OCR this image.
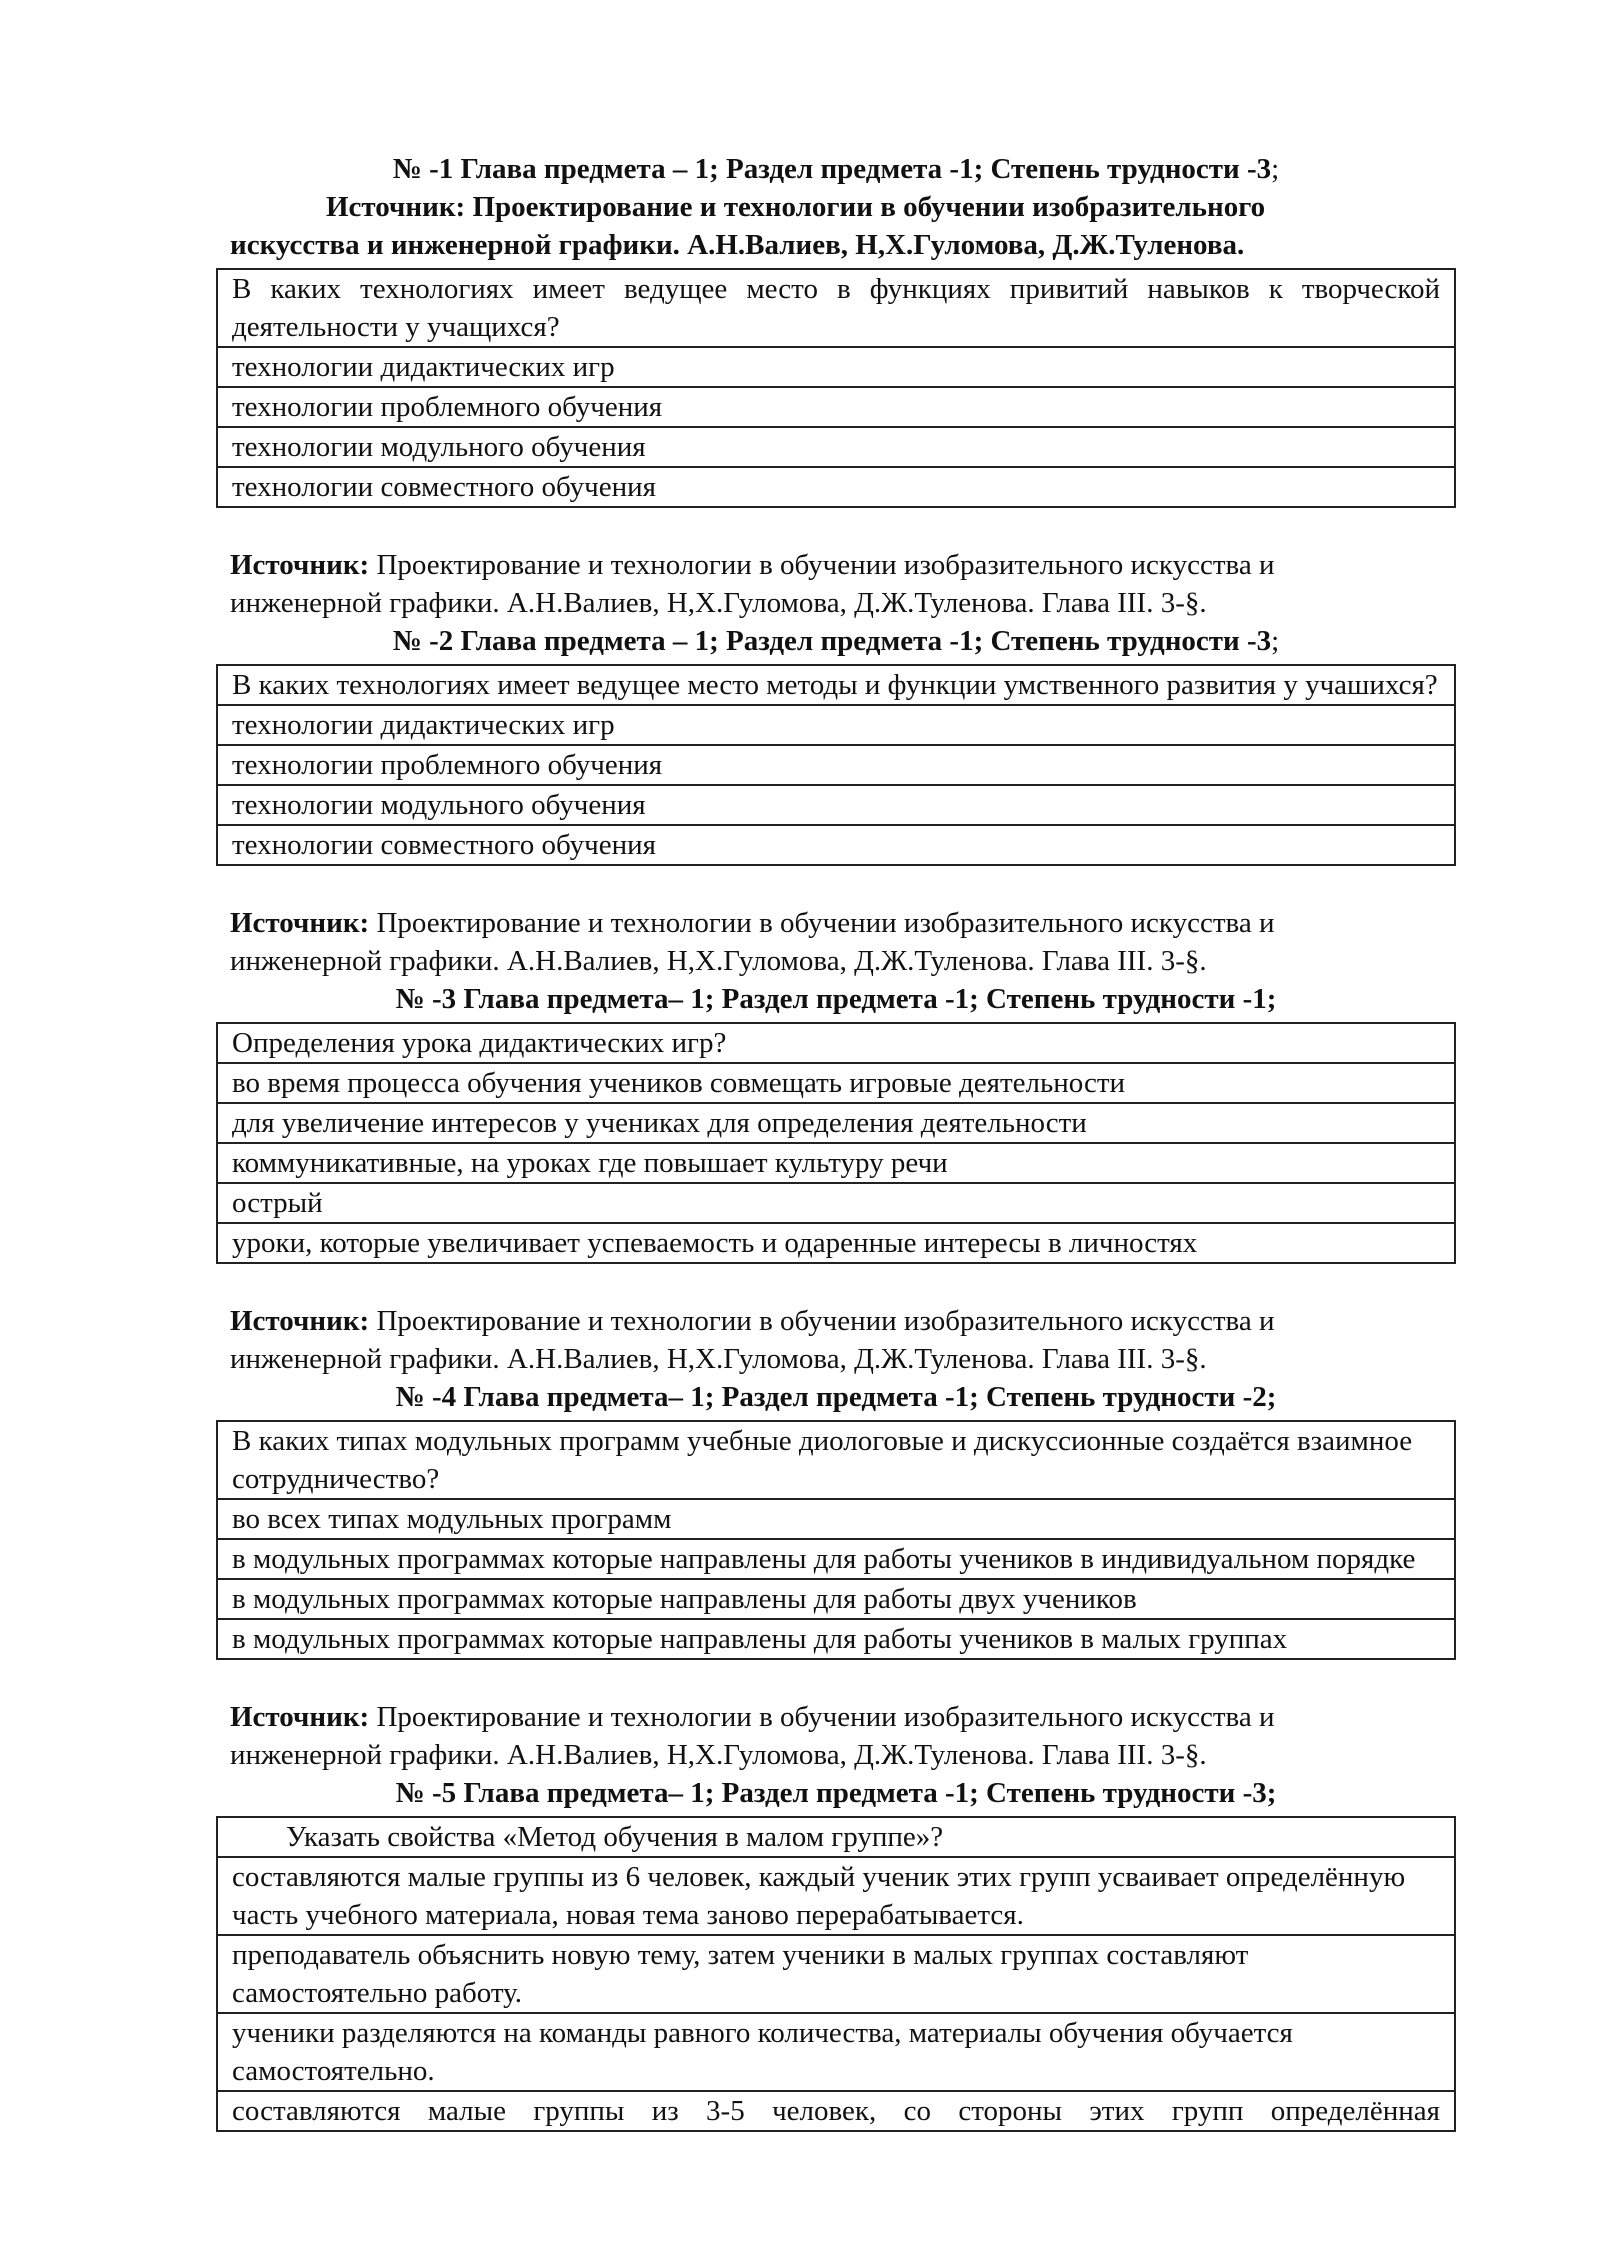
№ -1 Глава предмета – 1; Раздел предмета -1; Степень трудности -3;
Источник: Проектирование и технологии в обучении изобразительного
искусства и инженерной графики. А.Н.Валиев, Н,Х.Гуломова, Д.Ж.Туленова.
В каких технологиях имеет ведущее место в функциях привитий навыков к творческой деятельности у учащихся?
технологии дидактических игр
технологии проблемного обучения
технологии модульного обучения
технологии совместного обучения
Источник: Проектирование и технологии в обучении изобразительного искусства и
инженерной графики. А.Н.Валиев, Н,Х.Гуломова, Д.Ж.Туленова. Глава III. 3-§.
№ -2 Глава предмета – 1; Раздел предмета -1; Степень трудности -3;
В каких технологиях имеет ведущее место методы и функции умственного развития у учашихся?
технологии дидактических игр
технологии проблемного обучения
технологии модульного обучения
технологии совместного обучения
Источник: Проектирование и технологии в обучении изобразительного искусства и
инженерной графики. А.Н.Валиев, Н,Х.Гуломова, Д.Ж.Туленова. Глава III. 3-§.
№ -3 Глава предмета– 1; Раздел предмета -1; Степень трудности -1;
Определения урока дидактических игр?
во время процесса обучения учеников совмещать игровые деятельности
для увеличение интересов у учениках для определения деятельности
коммуникативные, на уроках где повышает культуру речи
острый
уроки, которые увеличивает успеваемость и одаренные интересы в личностях
Источник: Проектирование и технологии в обучении изобразительного искусства и
инженерной графики. А.Н.Валиев, Н,Х.Гуломова, Д.Ж.Туленова. Глава III. 3-§.
№ -4 Глава предмета– 1; Раздел предмета -1; Степень трудности -2;
В каких типах модульных программ учебные диологовые и дискуссионные создаётся взаимное сотрудничество?
во всех типах модульных программ
в модульных программах которые направлены для работы учеников в индивидуальном порядке
в модульных программах которые направлены для работы двух учеников
в модульных программах которые направлены для работы учеников в малых группах
Источник: Проектирование и технологии в обучении изобразительного искусства и
инженерной графики. А.Н.Валиев, Н,Х.Гуломова, Д.Ж.Туленова. Глава III. 3-§.
№ -5 Глава предмета– 1; Раздел предмета -1; Степень трудности -3;
Указать свойства «Метод обучения в малом группе»?
составляются малые группы из 6 человек, каждый ученик этих групп усваивает определённую часть учебного материала, новая тема заново перерабатывается.
преподаватель объяснить новую тему, затем ученики в малых группах составляют самостоятельно работу.
ученики разделяются на команды равного количества, материалы обучения обучается самостоятельно.
составляются малые группы из 3-5 человек, со стороны этих групп определённая
